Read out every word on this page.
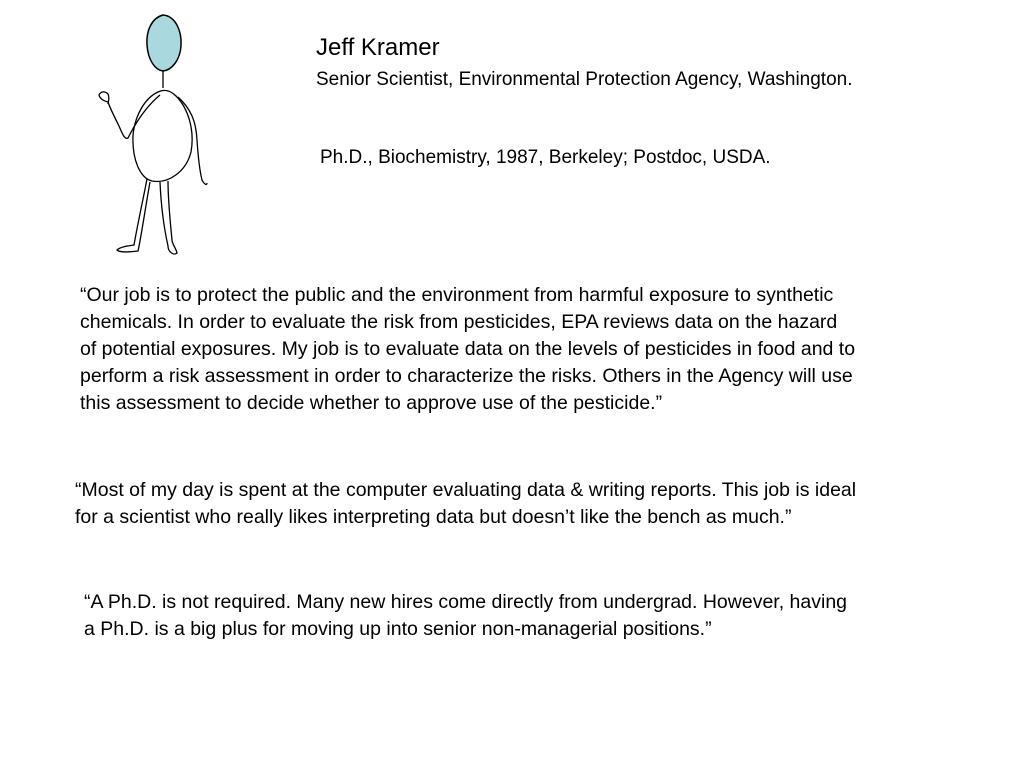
Jeff Kramer
Senior Scientist, Environmental Protection Agency, Washington.
Ph.D., Biochemistry, 1987, Berkeley; Postdoc, USDA.
“Our job is to protect the public and the environment from harmful exposure to synthetic
chemicals. In order to evaluate the risk from pesticides, EPA reviews data on the hazard
of potential exposures. My job is to evaluate data on the levels of pesticides in food and to
perform a risk assessment in order to characterize the risks. Others in the Agency will use
this assessment to decide whether to approve use of the pesticide.”
“Most of my day is spent at the computer evaluating data & writing reports. This job is ideal
for a scientist who really likes interpreting data but doesn’t like the bench as much.”
“A Ph.D. is not required. Many new hires come directly from undergrad. However, having
a Ph.D. is a big plus for moving up into senior non-managerial positions.”
